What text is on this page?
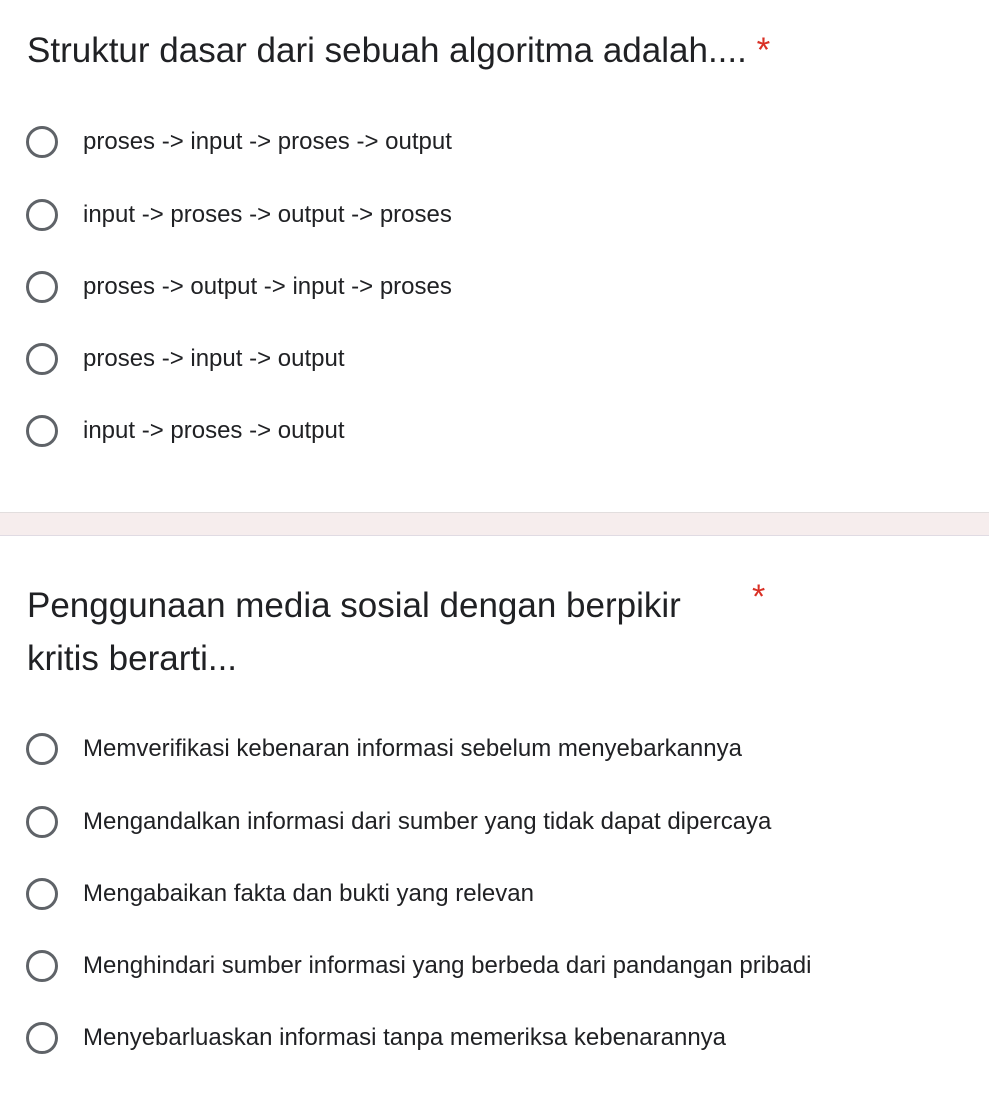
Struktur dasar dari sebuah algoritma adalah.... *
proses -> input -> proses -> output
input -> proses -> output -> proses
proses -> output -> input -> proses
proses -> input -> output
input -> proses -> output
Penggunaan media sosial dengan berpikir
kritis berarti...
*
Memverifikasi kebenaran informasi sebelum menyebarkannya
Mengandalkan informasi dari sumber yang tidak dapat dipercaya
Mengabaikan fakta dan bukti yang relevan
Menghindari sumber informasi yang berbeda dari pandangan pribadi
Menyebarluaskan informasi tanpa memeriksa kebenarannya
